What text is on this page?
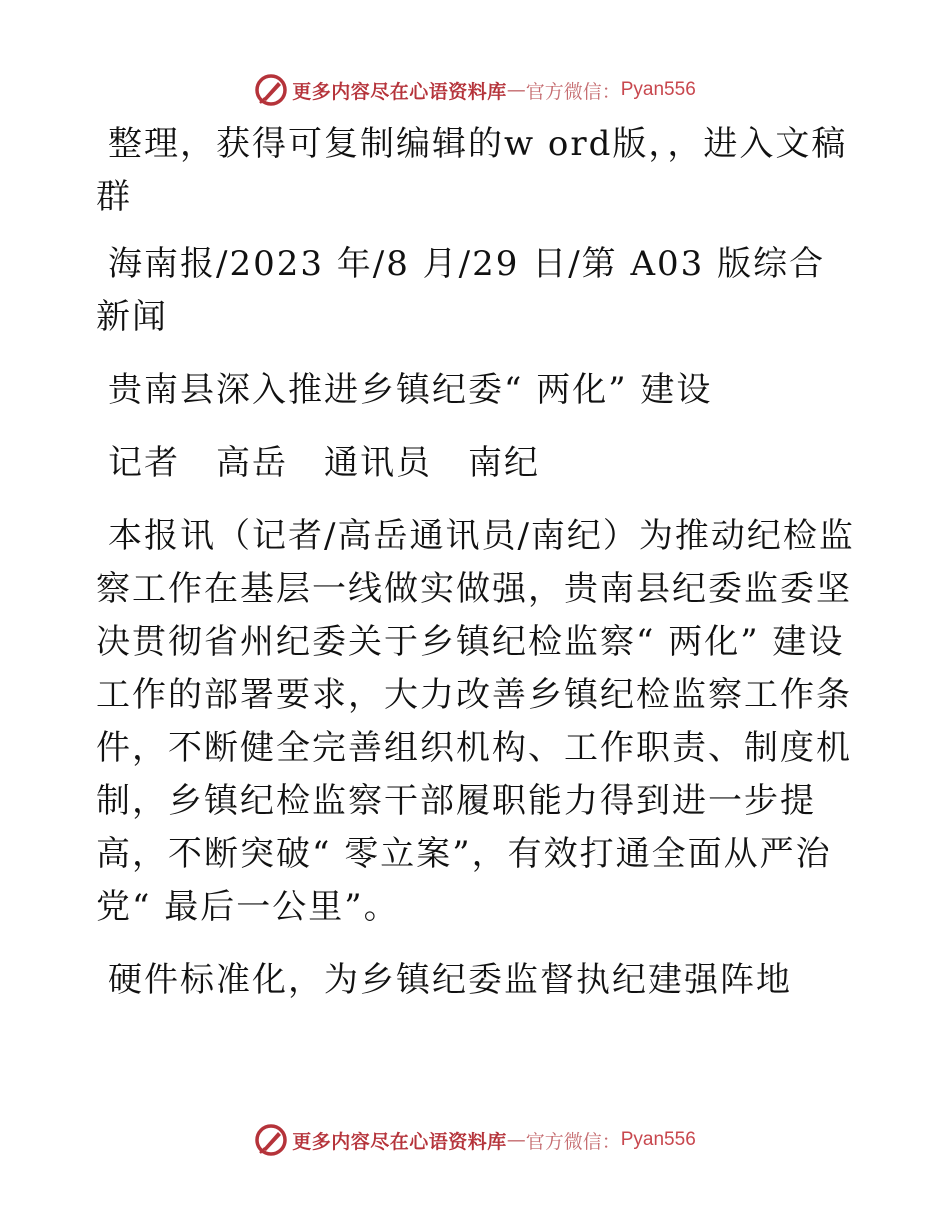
更多内容尽在心语资料库 — 官方微信： Pyan556

整理，获得可复制编辑的w ord版，，进入文稿群

海南报/2023 年/8 月/29 日/第 A03 版综合新闻

贵南县深入推进乡镇纪委“ 两化” 建设

记者　高岳　通讯员　南纪

本报讯（记者/高岳通讯员/南纪）为推动纪检监察工作在基层一线做实做强，贵南县纪委监委坚决贯彻省州纪委关于乡镇纪检监察“ 两化” 建设工作的部署要求，大力改善乡镇纪检监察工作条件，不断健全完善组织机构、工作职责、制度机制，乡镇纪检监察干部履职能力得到进一步提高，不断突破“ 零立案”，有效打通全面从严治党“ 最后一公里”。

硬件标准化，为乡镇纪委监督执纪建强阵地

更多内容尽在心语资料库 — 官方微信： Pyan556
